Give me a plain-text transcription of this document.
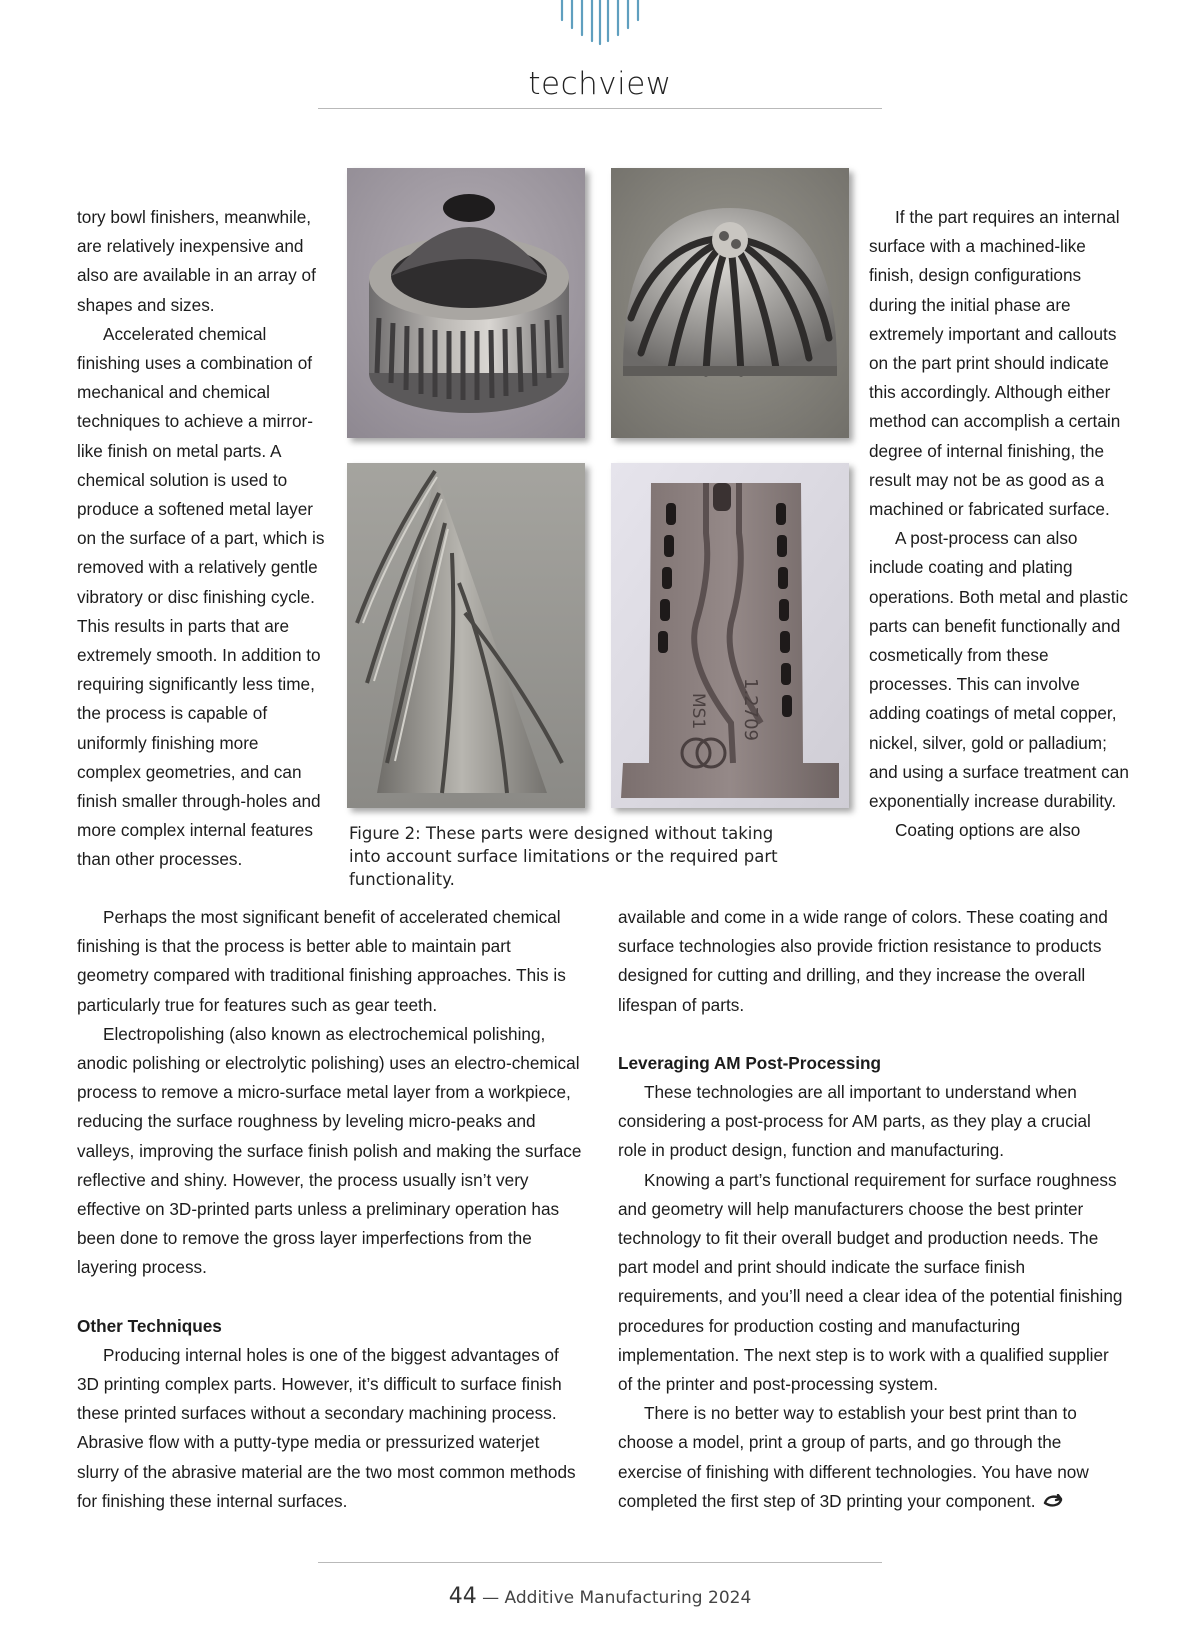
techview

tory bowl finishers, meanwhile, are relatively inexpensive and also are available in an array of shapes and sizes.

Accelerated chemical finishing uses a combination of mechanical and chemical techniques to achieve a mirror-like finish on metal parts. A chemical solution is used to produce a softened metal layer on the surface of a part, which is removed with a relatively gentle vibratory or disc finishing cycle. This results in parts that are extremely smooth. In addition to requiring significantly less time, the process is capable of uniformly finishing more complex geometries, and can finish smaller through-holes and more complex internal features than other processes.

Perhaps the most significant benefit of accelerated chemical finishing is that the process is better able to maintain part geometry compared with traditional finishing approaches. This is particularly true for features such as gear teeth.

Electropolishing (also known as electrochemical polishing, anodic polishing or electrolytic polishing) uses an electro-chemical process to remove a micro-surface metal layer from a workpiece, reducing the surface roughness by leveling micro-peaks and valleys, improving the surface finish polish and making the surface reflective and shiny. However, the process usually isn’t very effective on 3D-printed parts unless a preliminary operation has been done to remove the gross layer imperfections from the layering process.

Other Techniques

Producing internal holes is one of the biggest advantages of 3D printing complex parts. However, it’s difficult to surface finish these printed surfaces without a secondary machining process. Abrasive flow with a putty-type media or pressurized waterjet slurry of the abrasive material are the two most common methods for finishing these internal surfaces.

If the part requires an internal surface with a machined-like finish, design configurations during the initial phase are extremely important and callouts on the part print should indicate this accordingly. Although either method can accomplish a certain degree of internal finishing, the result may not be as good as a machined or fabricated surface.

A post-process can also include coating and plating operations. Both metal and plastic parts can benefit functionally and cosmetically from these processes. This can involve adding coatings of metal copper, nickel, silver, gold or palladium; and using a surface treatment can exponentially increase durability.

Coating options are also

available and come in a wide range of colors. These coating and surface technologies also provide friction resistance to products designed for cutting and drilling, and they increase the overall lifespan of parts.

Leveraging AM Post-Processing

These technologies are all important to understand when considering a post-process for AM parts, as they play a crucial role in product design, function and manufacturing.

Knowing a part’s functional requirement for surface roughness and geometry will help manufacturers choose the best printer technology to fit their overall budget and production needs. The part model and print should indicate the surface finish requirements, and you’ll need a clear idea of the potential finishing procedures for production costing and manufacturing implementation. The next step is to work with a qualified supplier of the printer and post-processing system.

There is no better way to establish your best print than to choose a model, print a group of parts, and go through the exercise of finishing with different technologies. You have now completed the first step of 3D printing your component.

MS1 1.2709
Figure 2: These parts were designed without taking into account surface limitations or the required part functionality.
44 — Additive Manufacturing 2024
